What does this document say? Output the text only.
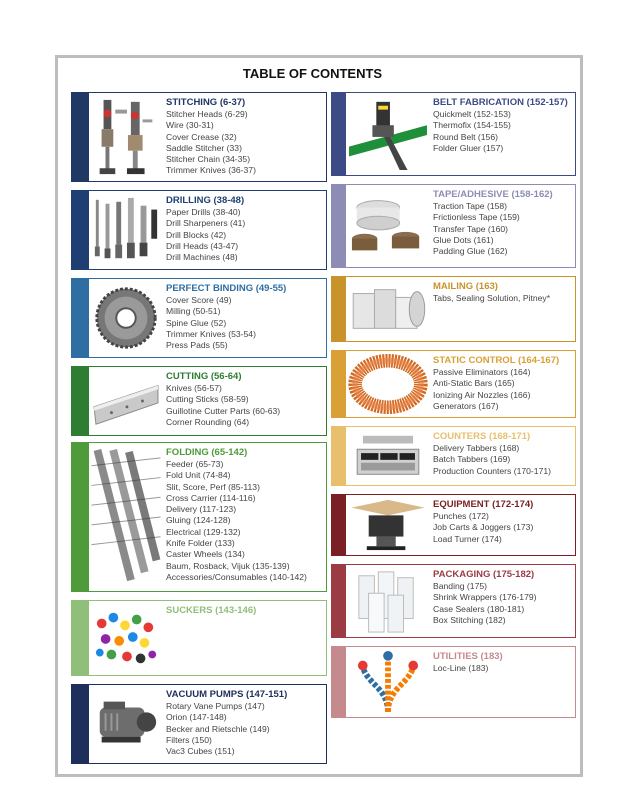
TABLE OF CONTENTS
STITCHING (6-37)
Stitcher Heads (6-29)
Wire (30-31)
Cover Crease (32)
Saddle Stitcher (33)
Stitcher Chain (34-35)
Trimmer Knives (36-37)
DRILLING (38-48)
Paper Drills (38-40)
Drill Sharpeners (41)
Drill Blocks (42)
Drill Heads (43-47)
Drill Machines (48)
PERFECT BINDING (49-55)
Cover Score (49)
Milling (50-51)
Spine Glue (52)
Trimmer Knives (53-54)
Press Pads (55)
CUTTING (56-64)
Knives (56-57)
Cutting Sticks (58-59)
Guillotine Cutter Parts (60-63)
Corner Rounding (64)
FOLDING (65-142)
Feeder (65-73)
Fold Unit (74-84)
Slit, Score, Perf (85-113)
Cross Carrier (114-116)
Delivery (117-123)
Gluing (124-128)
Electrical (129-132)
Knife Folder (133)
Caster Wheels (134)
Baum, Rosback, Vijuk (135-139)
Accessories/Consumables (140-142)
SUCKERS (143-146)
VACUUM PUMPS (147-151)
Rotary Vane Pumps (147)
Orion (147-148)
Becker and Rietschle (149)
Filters (150)
Vac3 Cubes (151)
BELT FABRICATION (152-157)
Quickmelt (152-153)
Thermofix (154-155)
Round Belt (156)
Folder Gluer (157)
TAPE/ADHESIVE (158-162)
Traction Tape (158)
Frictionless Tape (159)
Transfer Tape (160)
Glue Dots (161)
Padding Glue (162)
MAILING (163)
Tabs, Sealing Solution, Pitney*
STATIC CONTROL (164-167)
Passive Eliminators (164)
Anti-Static Bars (165)
Ionizing Air Nozzles (166)
Generators (167)
COUNTERS (168-171)
Delivery Tabbers (168)
Batch Tabbers (169)
Production Counters (170-171)
EQUIPMENT (172-174)
Punches (172)
Job Carts & Joggers (173)
Load Turner (174)
PACKAGING (175-182)
Banding (175)
Shrink Wrappers (176-179)
Case Sealers (180-181)
Box Stitching (182)
UTILITIES (183)
Loc-Line (183)
